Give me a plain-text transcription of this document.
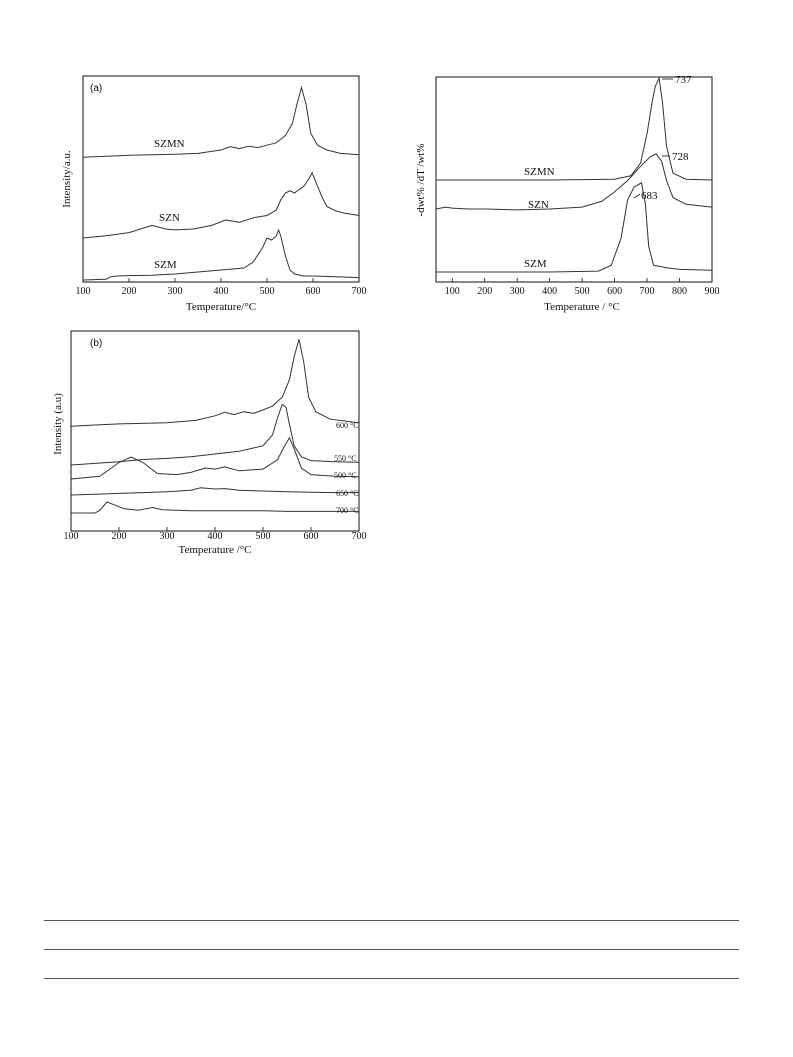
(a)
100	200	300	400	500	600	700
SZMN
SZN
SZM
Temperature/°C
Intensity/a.u.
100 200 300 400 500 600 700 800 900
SZMN
SZN
SZM
737
728
683
Temperature / °C
-dwt% /dT /wt%
(b)
100	200	300	400	500	600	700
600 °C
550 °C
500 °C
650 °C
700 °C
Temperature /°C
Intensity (a.u)
